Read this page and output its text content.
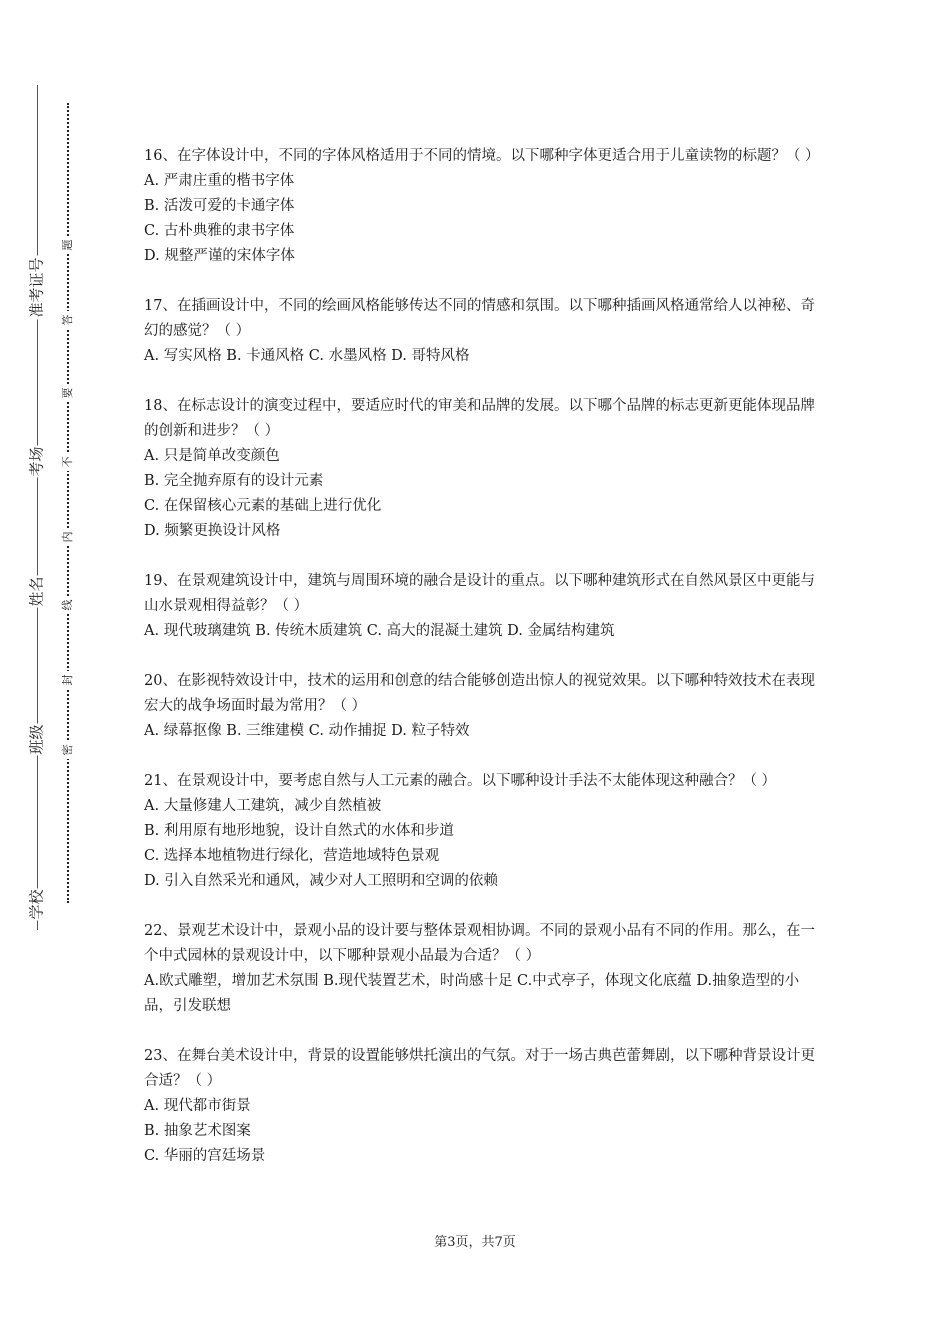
学校
班级
姓名
考场
准考证号
密
封
线
内
不
要
答
题
16、在字体设计中，不同的字体风格适用于不同的情境。以下哪种字体更适合用于儿童读物的标题？（ ）
A. 严肃庄重的楷书字体
B. 活泼可爱的卡通字体
C. 古朴典雅的隶书字体
D. 规整严谨的宋体字体
17、在插画设计中，不同的绘画风格能够传达不同的情感和氛围。以下哪种插画风格通常给人以神秘、奇幻的感觉？（ ）
A. 写实风格 B. 卡通风格 C. 水墨风格 D. 哥特风格
18、在标志设计的演变过程中，要适应时代的审美和品牌的发展。以下哪个品牌的标志更新更能体现品牌的创新和进步？（ ）
A. 只是简单改变颜色
B. 完全抛弃原有的设计元素
C. 在保留核心元素的基础上进行优化
D. 频繁更换设计风格
19、在景观建筑设计中，建筑与周围环境的融合是设计的重点。以下哪种建筑形式在自然风景区中更能与山水景观相得益彰？（ ）
A. 现代玻璃建筑 B. 传统木质建筑 C. 高大的混凝土建筑 D. 金属结构建筑
20、在影视特效设计中，技术的运用和创意的结合能够创造出惊人的视觉效果。以下哪种特效技术在表现宏大的战争场面时最为常用？（ ）
A. 绿幕抠像 B. 三维建模 C. 动作捕捉 D. 粒子特效
21、在景观设计中，要考虑自然与人工元素的融合。以下哪种设计手法不太能体现这种融合？（ ）
A. 大量修建人工建筑，减少自然植被
B. 利用原有地形地貌，设计自然式的水体和步道
C. 选择本地植物进行绿化，营造地域特色景观
D. 引入自然采光和通风，减少对人工照明和空调的依赖
22、景观艺术设计中，景观小品的设计要与整体景观相协调。不同的景观小品有不同的作用。那么，在一个中式园林的景观设计中，以下哪种景观小品最为合适？（ ）
A.欧式雕塑，增加艺术氛围 B.现代装置艺术，时尚感十足 C.中式亭子，体现文化底蕴 D.抽象造型的小品，引发联想
23、在舞台美术设计中，背景的设置能够烘托演出的气氛。对于一场古典芭蕾舞剧，以下哪种背景设计更合适？（ ）
A. 现代都市街景
B. 抽象艺术图案
C. 华丽的宫廷场景
第3页，共7页
